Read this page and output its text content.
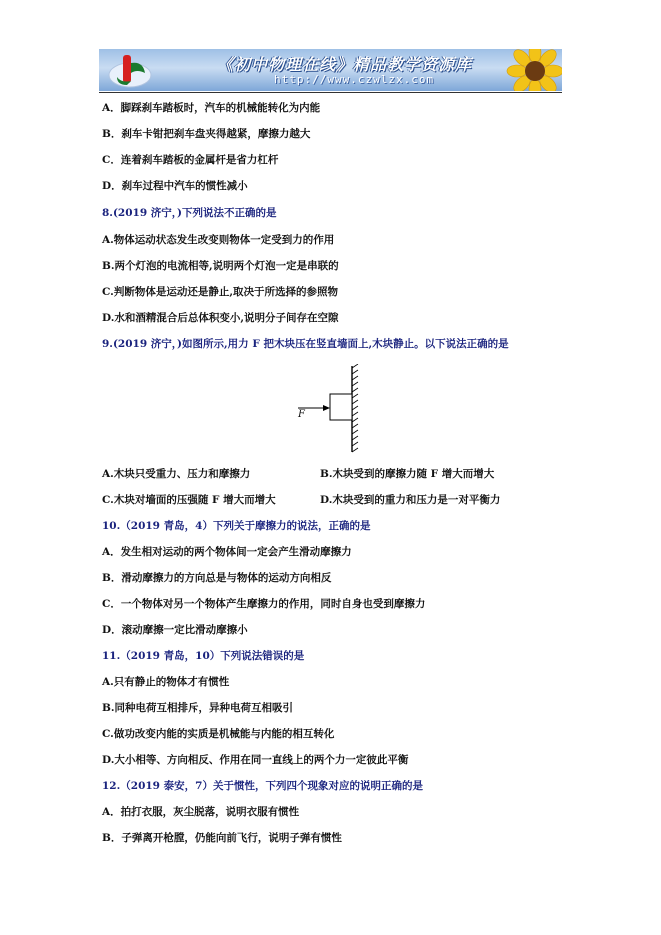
《初中物理在线》精品教学资源库
http://www.czwlzx.com
A．脚踩刹车踏板时，汽车的机械能转化为内能
B．刹车卡钳把刹车盘夹得越紧，摩擦力越大
C．连着刹车踏板的金属杆是省力杠杆
D．刹车过程中汽车的惯性减小
8.(2019 济宁，)下列说法不正确的是
A.物体运动状态发生改变则物体一定受到力的作用
B.两个灯泡的电流相等,说明两个灯泡一定是串联的
C.判断物体是运动还是静止,取决于所选择的参照物
D.水和酒精混合后总体积变小,说明分子间存在空隙
9.(2019 济宁，)如图所示,用力 F 把木块压在竖直墙面上,木块静止。以下说法正确的是
F
A.木块只受重力、压力和摩擦力	B.木块受到的摩擦力随 F 增大而增大
C.木块对墙面的压强随 F 增大而增大	D.木块受到的重力和压力是一对平衡力
10.（2019 青岛，4）下列关于摩擦力的说法，正确的是
A．发生相对运动的两个物体间一定会产生滑动摩擦力
B．滑动摩擦力的方向总是与物体的运动方向相反
C．一个物体对另一个物体产生摩擦力的作用，同时自身也受到摩擦力
D．滚动摩擦一定比滑动摩擦小
11.（2019 青岛，10）下列说法错误的是
A.只有静止的物体才有惯性
B.同种电荷互相排斥，异种电荷互相吸引
C.做功改变内能的实质是机械能与内能的相互转化
D.大小相等、方向相反、作用在同一直线上的两个力一定彼此平衡
12.（2019 泰安，7）关于惯性，下列四个现象对应的说明正确的是
A．拍打衣服，灰尘脱落，说明衣服有惯性
B．子弹离开枪膛，仍能向前飞行，说明子弹有惯性
